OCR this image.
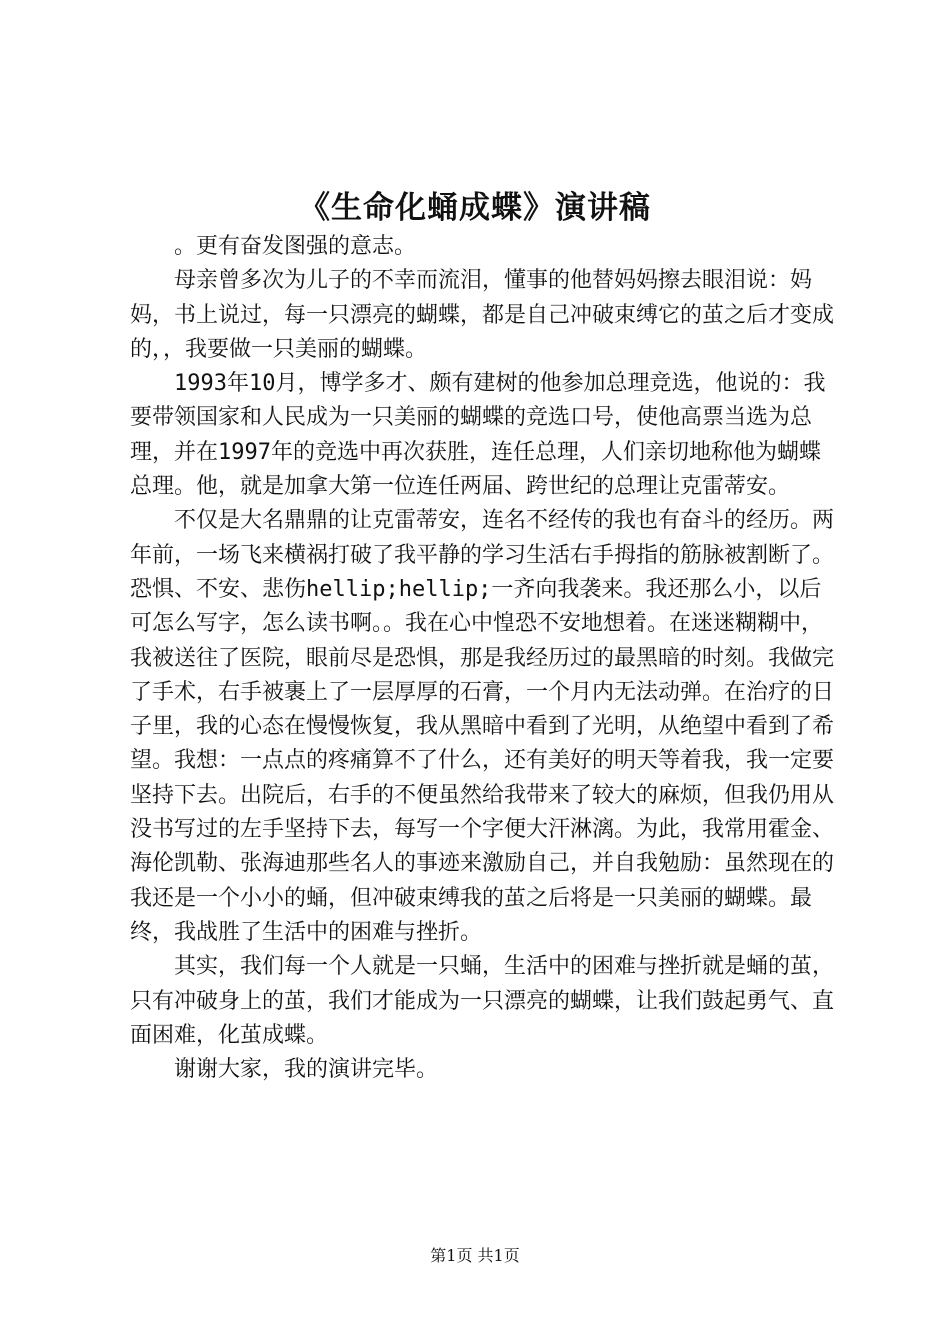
《生命化蛹成蝶》演讲稿

。更有奋发图强的意志。

母亲曾多次为儿子的不幸而流泪，懂事的他替妈妈擦去眼泪说：妈妈，书上说过，每一只漂亮的蝴蝶，都是自己冲破束缚它的茧之后才变成的，，我要做一只美丽的蝴蝶。

1993年10月，博学多才、颇有建树的他参加总理竞选，他说的：我要带领国家和人民成为一只美丽的蝴蝶的竞选口号，使他高票当选为总理，并在1997年的竞选中再次获胜，连任总理，人们亲切地称他为蝴蝶总理。他，就是加拿大第一位连任两届、跨世纪的总理让克雷蒂安。

不仅是大名鼎鼎的让克雷蒂安，连名不经传的我也有奋斗的经历。两年前，一场飞来横祸打破了我平静的学习生活右手拇指的筋脉被割断了。恐惧、不安、悲伤hellip;hellip;一齐向我袭来。我还那么小，以后可怎么写字，怎么读书啊。。我在心中惶恐不安地想着。在迷迷糊糊中，我被送往了医院，眼前尽是恐惧，那是我经历过的最黑暗的时刻。我做完了手术，右手被裹上了一层厚厚的石膏，一个月内无法动弹。在治疗的日子里，我的心态在慢慢恢复，我从黑暗中看到了光明，从绝望中看到了希望。我想：一点点的疼痛算不了什么，还有美好的明天等着我，我一定要坚持下去。出院后，右手的不便虽然给我带来了较大的麻烦，但我仍用从没书写过的左手坚持下去，每写一个字便大汗淋漓。为此，我常用霍金、海伦凯勒、张海迪那些名人的事迹来激励自己，并自我勉励：虽然现在的我还是一个小小的蛹，但冲破束缚我的茧之后将是一只美丽的蝴蝶。最终，我战胜了生活中的困难与挫折。

其实，我们每一个人就是一只蛹，生活中的困难与挫折就是蛹的茧，只有冲破身上的茧，我们才能成为一只漂亮的蝴蝶，让我们鼓起勇气、直面困难，化茧成蝶。

谢谢大家，我的演讲完毕。

第1页 共1页
